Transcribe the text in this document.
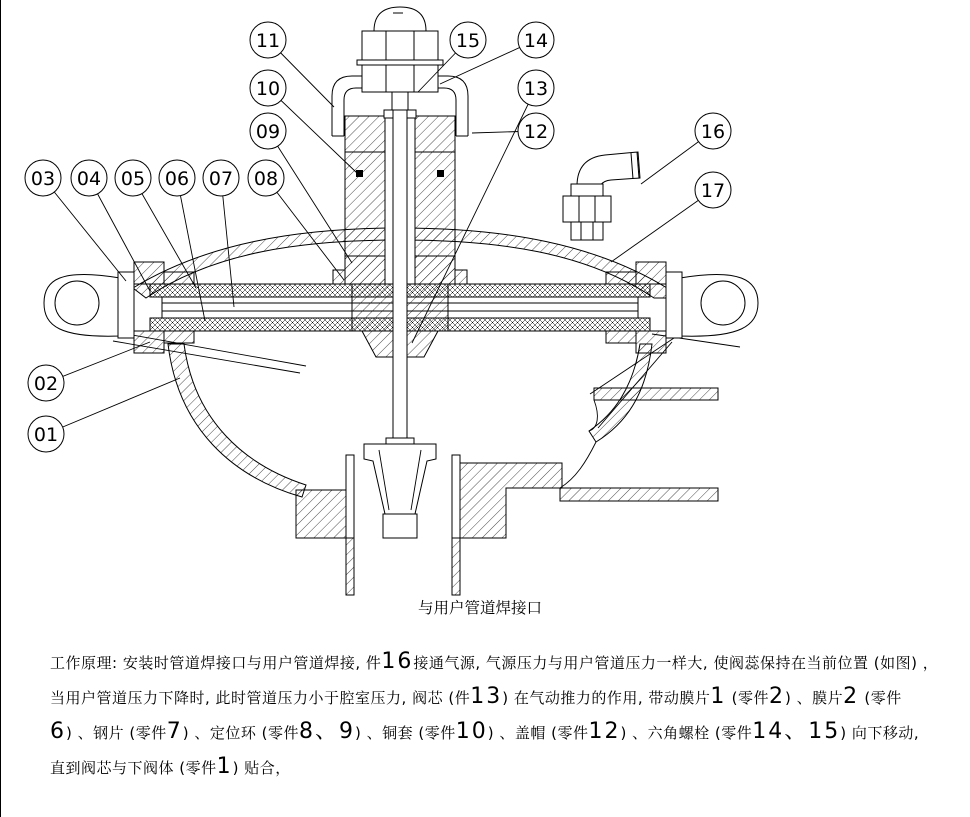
01
02
03 04 05 06 07 08
09
10
11
12
13
14
15
16
17
与用户管道焊接口
工作原理: 安装时管道焊接口与用户管道焊接, 件16接通气源, 气源压力与用户管道压力一样大, 使阀蕊保持在当前位置 (如图) ，
当用户管道压力下降时, 此时管道压力小于腔室压力, 阀芯 (件13) 在气动推力的作用, 带动膜片1 (零件2) 、膜片2 (零件
6) 、钢片 (零件7) 、定位环 (零件8、9) 、铜套 (零件10) 、盖帽 (零件12) 、六角螺栓 (零件14、15) 向下移动,
直到阀芯与下阀体 (零件1) 贴合，
